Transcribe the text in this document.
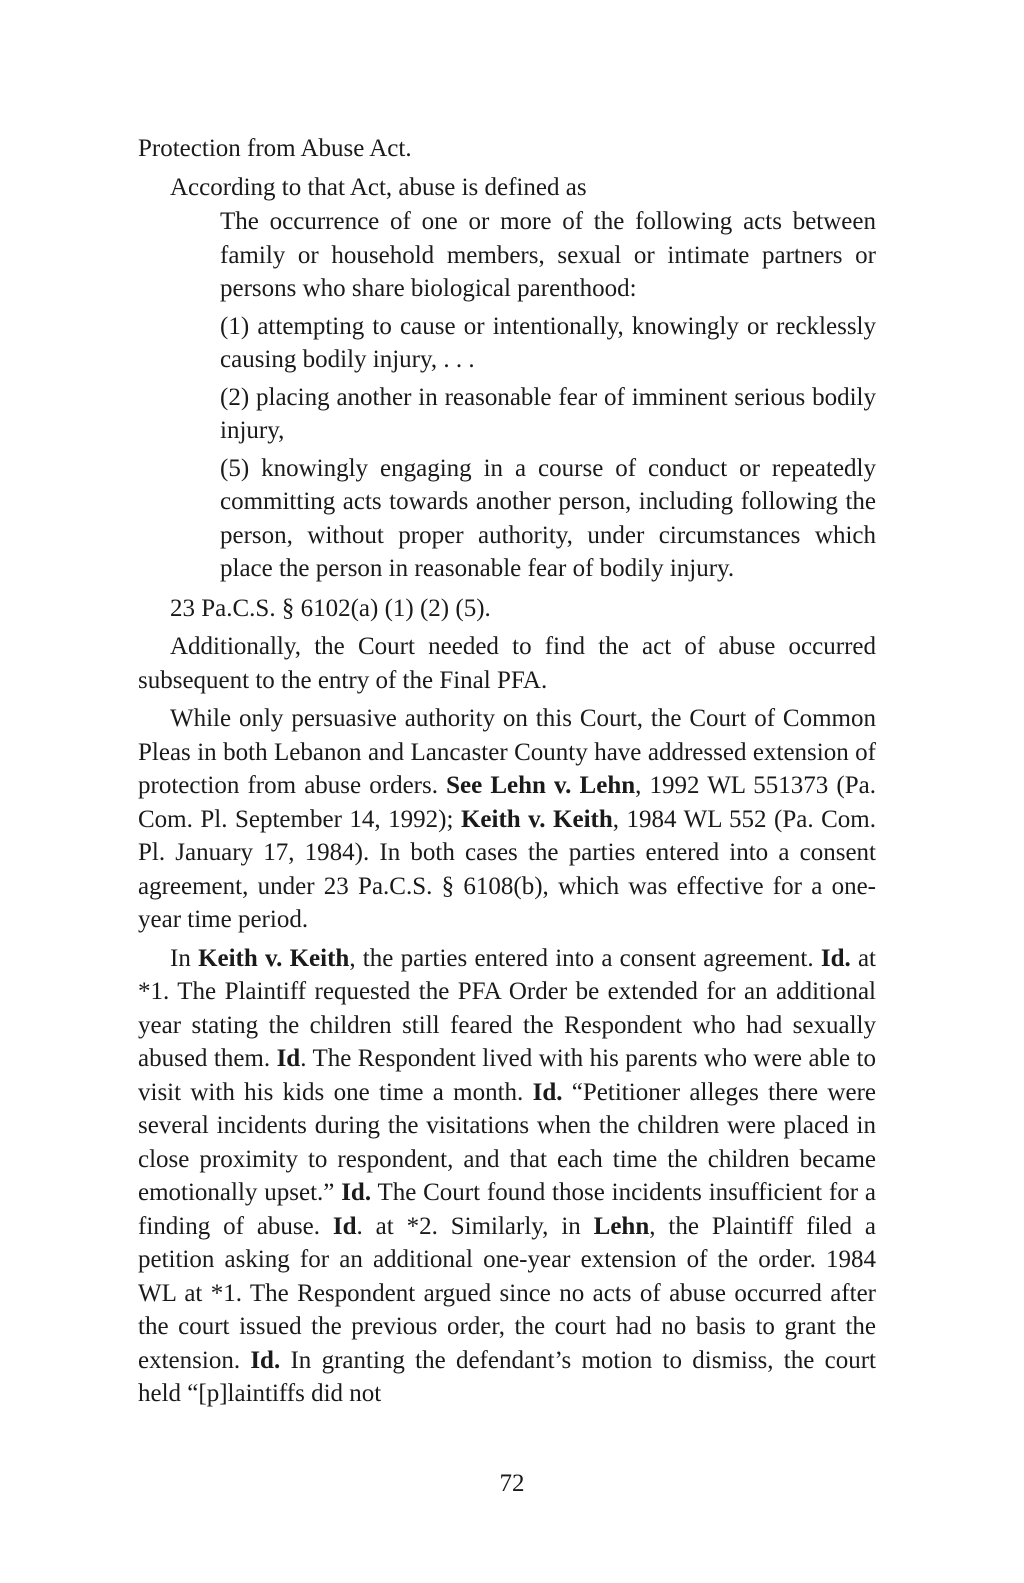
Protection from Abuse Act.

According to that Act, abuse is defined as

The occurrence of one or more of the following acts between family or household members, sexual or intimate partners or persons who share biological parenthood:

(1) attempting to cause or intentionally, knowingly or recklessly causing bodily injury, . . .

(2) placing another in reasonable fear of imminent serious bodily injury,

(5) knowingly engaging in a course of conduct or repeatedly committing acts towards another person, including following the person, without proper authority, under circumstances which place the person in reasonable fear of bodily injury.

23 Pa.C.S. § 6102(a) (1) (2) (5).

Additionally, the Court needed to find the act of abuse occurred subsequent to the entry of the Final PFA.

While only persuasive authority on this Court, the Court of Common Pleas in both Lebanon and Lancaster County have addressed extension of protection from abuse orders. See Lehn v. Lehn, 1992 WL 551373 (Pa. Com. Pl. September 14, 1992); Keith v. Keith, 1984 WL 552 (Pa. Com. Pl. January 17, 1984). In both cases the parties entered into a consent agreement, under 23 Pa.C.S. § 6108(b), which was effective for a one-year time period.

In Keith v. Keith, the parties entered into a consent agreement. Id. at *1. The Plaintiff requested the PFA Order be extended for an additional year stating the children still feared the Respondent who had sexually abused them. Id. The Respondent lived with his parents who were able to visit with his kids one time a month. Id. “Petitioner alleges there were several incidents during the visitations when the children were placed in close proximity to respondent, and that each time the children became emotionally upset.” Id. The Court found those incidents insufficient for a finding of abuse. Id. at *2. Similarly, in Lehn, the Plaintiff filed a petition asking for an additional one-year extension of the order. 1984 WL at *1. The Respondent argued since no acts of abuse occurred after the court issued the previous order, the court had no basis to grant the extension. Id. In granting the defendant’s motion to dismiss, the court held “[p]laintiffs did not

72
